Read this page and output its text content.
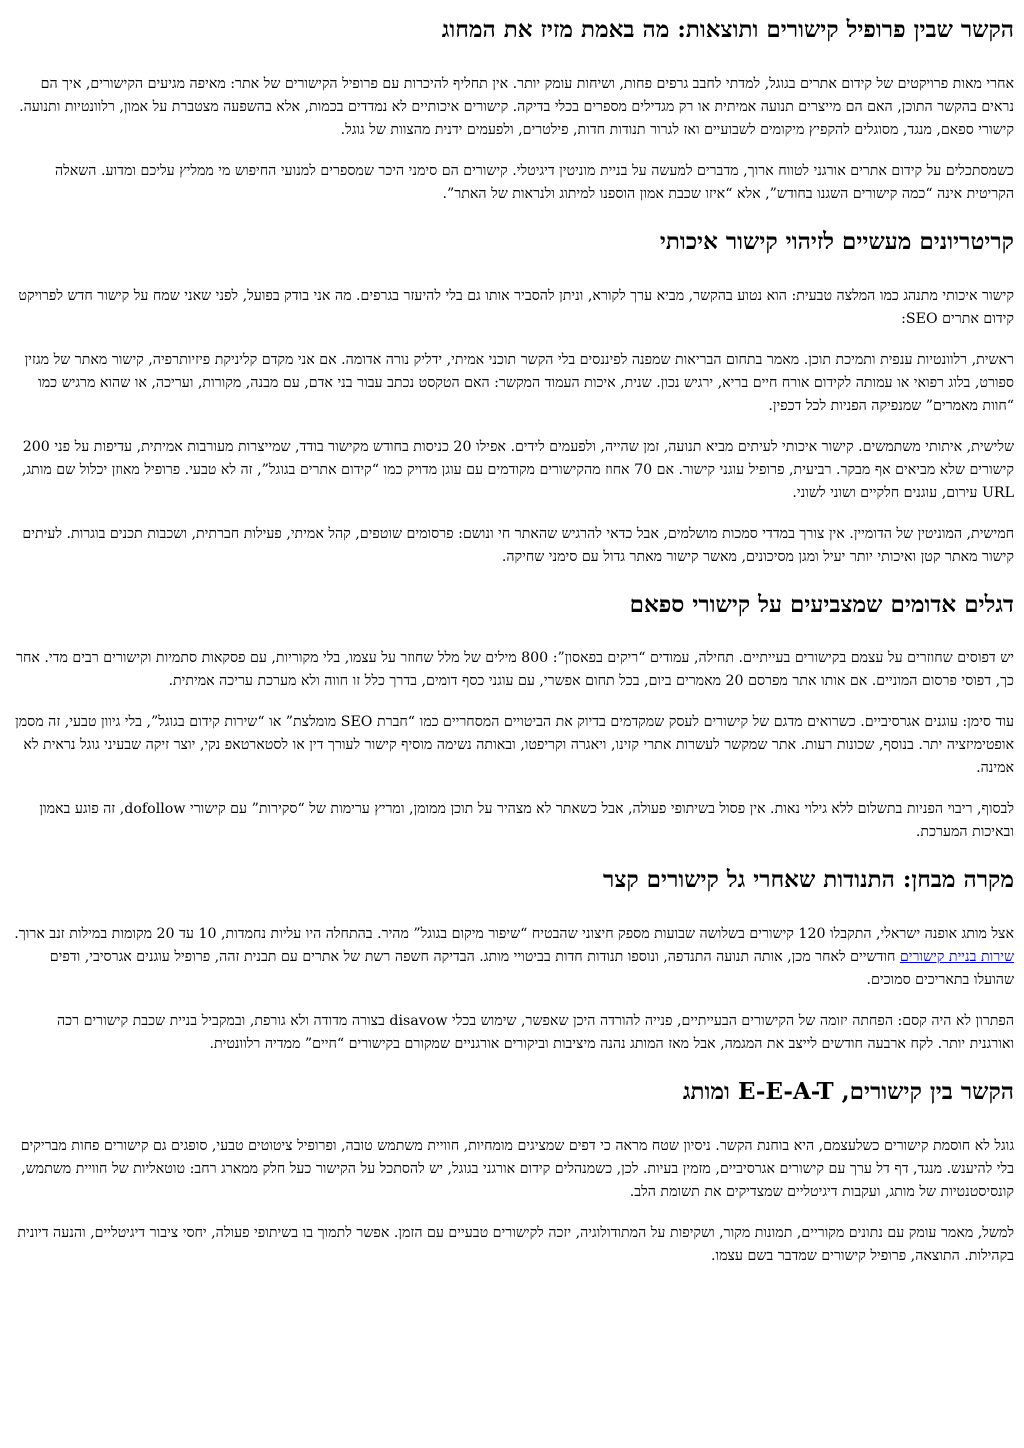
הקשר שבין פרופיל קישורים ותוצאות: מה באמת מזיז את המחוג

אחרי מאות פרויקטים של קידום אתרים בגוגל, למדתי לחבב גרפים פחות, ושיחות עומק יותר. אין תחליף להיכרות עם פרופיל הקישורים של אתר: מאיפה מגיעים הקישורים, איך הם נראים בהקשר התוכן, האם הם מייצרים תנועה אמיתית או רק מגדילים מספרים בכלי בדיקה. קישורים איכותיים לא נמדדים בכמות, אלא בהשפעה מצטברת על אמון, רלוונטיות ותנועה. קישורי ספאם, מנגד, מסוגלים להקפיץ מיקומים לשבועיים ואז לגרור תנודות חדות, פילטרים, ולפעמים ידנית מהצוות של גוגל.

כשמסתכלים על קידום אתרים אורגני לטווח ארוך, מדברים למעשה על בניית מוניטין דיגיטלי. קישורים הם סימני היכר שמספרים למנועי החיפוש מי ממליץ עליכם ומדוע. השאלה הקריטית אינה “כמה קישורים השגנו בחודש”, אלא “איזו שכבת אמון הוספנו למיתוג ולנראות של האתר”.

קריטריונים מעשיים לזיהוי קישור איכותי

קישור איכותי מתנהג כמו המלצה טבעית: הוא נטוע בהקשר, מביא ערך לקורא, וניתן להסביר אותו גם בלי להיעזר בגרפים. מה אני בודק בפועל, לפני שאני שמח על קישור חדש לפרויקט קידום אתרים SEO:

ראשית, רלוונטיות ענפית ותמיכת תוכן. מאמר בתחום הבריאות שמפנה לפיננסים בלי הקשר תוכני אמיתי, ידליק נורה אדומה. אם אני מקדם קליניקת פיזיותרפיה, קישור מאתר של מגזין ספורט, בלוג רפואי או עמותה לקידום אורח חיים בריא, ירגיש נכון. שנית, איכות העמוד המקשר: האם הטקסט נכתב עבור בני אדם, עם מבנה, מקורות, ועריכה, או שהוא מרגיש כמו “חוות מאמרים” שמנפיקה הפניות לכל דכפין.

שלישית, איתותי משתמשים. קישור איכותי לעיתים מביא תנועה, זמן שהייה, ולפעמים לידים. אפילו 20 כניסות בחודש מקישור בודד, שמייצרות מעורבות אמיתית, עדיפות על פני 200 קישורים שלא מביאים אף מבקר. רביעית, פרופיל עוגני קישור. אם 70 אחוז מהקישורים מקודמים עם עוגן מדויק כמו “קידום אתרים בגוגל”, זה לא טבעי. פרופיל מאוזן יכלול שם מותג, URL עירום, עוגנים חלקיים ושוני לשוני.

חמישית, המוניטין של הדומיין. אין צורך במדדי סמכות מושלמים, אבל כדאי להרגיש שהאתר חי ונושם: פרסומים שוטפים, קהל אמיתי, פעילות חברתית, ושכבות תכנים בוגרות. לעיתים קישור מאתר קטן ואיכותי יותר יעיל ומגן מסיכונים, מאשר קישור מאתר גדול עם סימני שחיקה.

דגלים אדומים שמצביעים על קישורי ספאם

יש דפוסים שחוזרים על עצמם בקישורים בעייתיים. תחילה, עמודים “ריקים בפאסון”: 800 מילים של מלל שחוזר על עצמו, בלי מקוריות, עם פסקאות סתמיות וקישורים רבים מדי. אחר כך, דפוסי פרסום המוניים. אם אותו אתר מפרסם 20 מאמרים ביום, בכל תחום אפשרי, עם עוגני כסף דומים, בדרך כלל זו חווה ולא מערכת עריכה אמיתית.

עוד סימן: עוגנים אגרסיביים. כשרואים מדגם של קישורים לעסק שמקדמים בדיוק את הביטויים המסחריים כמו “חברת SEO מומלצת” או “שירות קידום בגוגל”, בלי גיוון טבעי, זה מסמן אופטימיזציה יתר. בנוסף, שכונות רעות. אתר שמקשר לעשרות אתרי קזינו, ויאגרה וקריפטו, ובאותה נשימה מוסיף קישור לעורך דין או לסטארטאפ נקי, יוצר זיקה שבעיני גוגל נראית לא אמינה.

לבסוף, ריבוי הפניות בתשלום ללא גילוי נאות. אין פסול בשיתופי פעולה, אבל כשאתר לא מצהיר על תוכן ממומן, ומריץ ערימות של “סקירות” עם קישורי dofollow, זה פוגע באמון ובאיכות המערכת.

מקרה מבחן: התנודות שאחרי גל קישורים קצר

אצל מותג אופנה ישראלי, התקבלו 120 קישורים בשלושה שבועות מספק חיצוני שהבטיח “שיפור מיקום בגוגל” מהיר. בהתחלה היו עליות נחמדות, 10 עד 20 מקומות במילות זנב ארוך. שירות בניית קישורים חודשיים לאחר מכן, אותה תנועה התנדפה, ונוספו תנודות חדות בביטויי מותג. הבדיקה חשפה רשת של אתרים עם תבנית זהה, פרופיל עוגנים אגרסיבי, ודפים שהועלו בתאריכים סמוכים.

הפתרון לא היה קסם: הפחתה יזומה של הקישורים הבעייתיים, פנייה להורדה היכן שאפשר, שימוש בכלי disavow בצורה מדודה ולא גורפת, ובמקביל בניית שכבת קישורים רכה ואורגנית יותר. לקח ארבעה חודשים לייצב את המגמה, אבל מאז המותג נהנה מיציבות וביקורים אורגניים שמקורם בקישורים “חיים” ממדיה רלוונטית.

הקשר בין קישורים, E-E-A-T ומותג

גוגל לא חוסמת קישורים כשלעצמם, היא בוחנת הקשר. ניסיון שטח מראה כי דפים שמציגים מומחיות, חוויית משתמש טובה, ופרופיל ציטוטים טבעי, סופגים גם קישורים פחות מבריקים בלי להיענש. מנגד, דף דל ערך עם קישורים אגרסיביים, מזמין בעיות. לכן, כשמנהלים קידום אורגני בגוגל, יש להסתכל על הקישור כעל חלק ממארג רחב: טוטאליות של חוויית משתמש, קונסיסטנטיות של מותג, ועקבות דיגיטליים שמצדיקים את תשומת הלב.

למשל, מאמר עומק עם נתונים מקוריים, תמונות מקור, ושקיפות על המתודולוגיה, יזכה לקישורים טבעיים עם הזמן. אפשר לתמוך בו בשיתופי פעולה, יחסי ציבור דיגיטליים, והנעה דיונית בקהילות. התוצאה, פרופיל קישורים שמדבר בשם עצמו.
